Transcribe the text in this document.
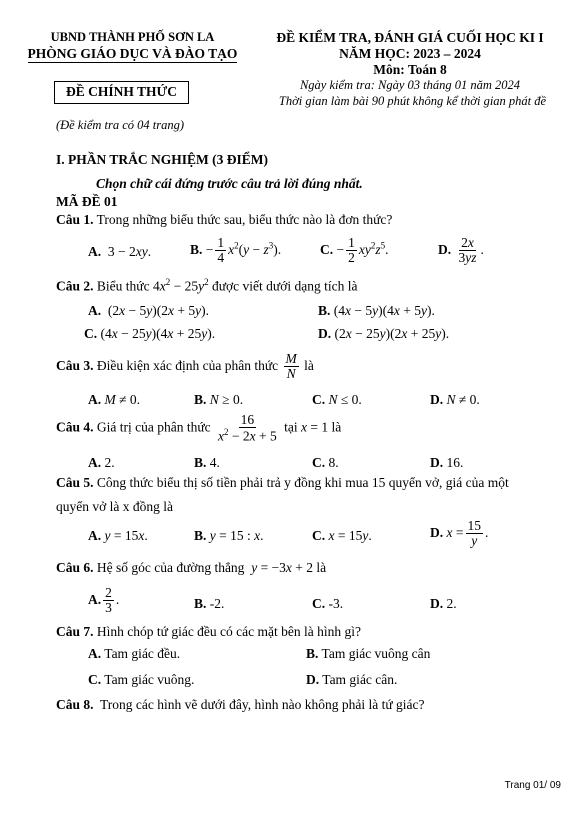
UBND THÀNH PHỐ SƠN LA
PHÒNG GIÁO DỤC VÀ ĐÀO TẠO
ĐỀ CHÍNH THỨC
(Đề kiểm tra có 04 trang)
ĐỀ KIỂM TRA, ĐÁNH GIÁ CUỐI HỌC KI I
NĂM HỌC: 2023 – 2024
Môn: Toán 8
Ngày kiểm tra: Ngày 03 tháng 01 năm 2024
Thời gian làm bài 90 phút không kể thời gian phát đề
I. PHẦN TRẮC NGHIỆM (3 ĐIỂM)
Chọn chữ cái đứng trước câu trả lời đúng nhất.
MÃ ĐỀ 01
Câu 1. Trong những biểu thức sau, biểu thức nào là đơn thức?
A.  3 − 2xy.	B. − $\frac{1}{4} x^2(y - z^3)$.	C. − $\frac{1}{2} xy^2z^5$.	D. $\frac{2x}{3yz}$ .
Câu 2. Biểu thức $4x^2 - 25y^2$ được viết dưới dạng tích là
A.  (2x − 5y)(2x + 5y).	B. (4x − 5y)(4x + 5y).
C. (4x − 25y)(4x + 25y).	D. (2x − 25y)(2x + 25y).
Câu 3. Điều kiện xác định của phân thức $\frac{M}{N}$ là
A. M ≠ 0.	B. N ≥ 0.	C. N ≤ 0.	D. N ≠ 0.
Câu 4. Giá trị của phân thức $\frac{16}{x^2 - 2x + 5}$ tại x = 1 là
A. 2.	B. 4.	C. 8.	D. 16.
Câu 5. Công thức biểu thị số tiền phải trả y đồng khi mua 15 quyển vở, giá của một
quyển vở là x đồng là
A. y = 15x.	B. y = 15 : x.	C. x = 15y.	D. $x = \frac{15}{y}$ .
Câu 6. Hệ số góc của đường thẳng y = −3x + 2 là
A. $\frac{2}{3}$ .	B. -2.	C. -3.	D. 2.
Câu 7. Hình chóp tứ giác đều có các mặt bên là hình gì?
A. Tam giác đều.	B. Tam giác vuông cân
C. Tam giác vuông.	D. Tam giác cân.
Câu 8. Trong các hình vẽ dưới đây, hình nào không phải là tứ giác?
Trang 01/ 09
